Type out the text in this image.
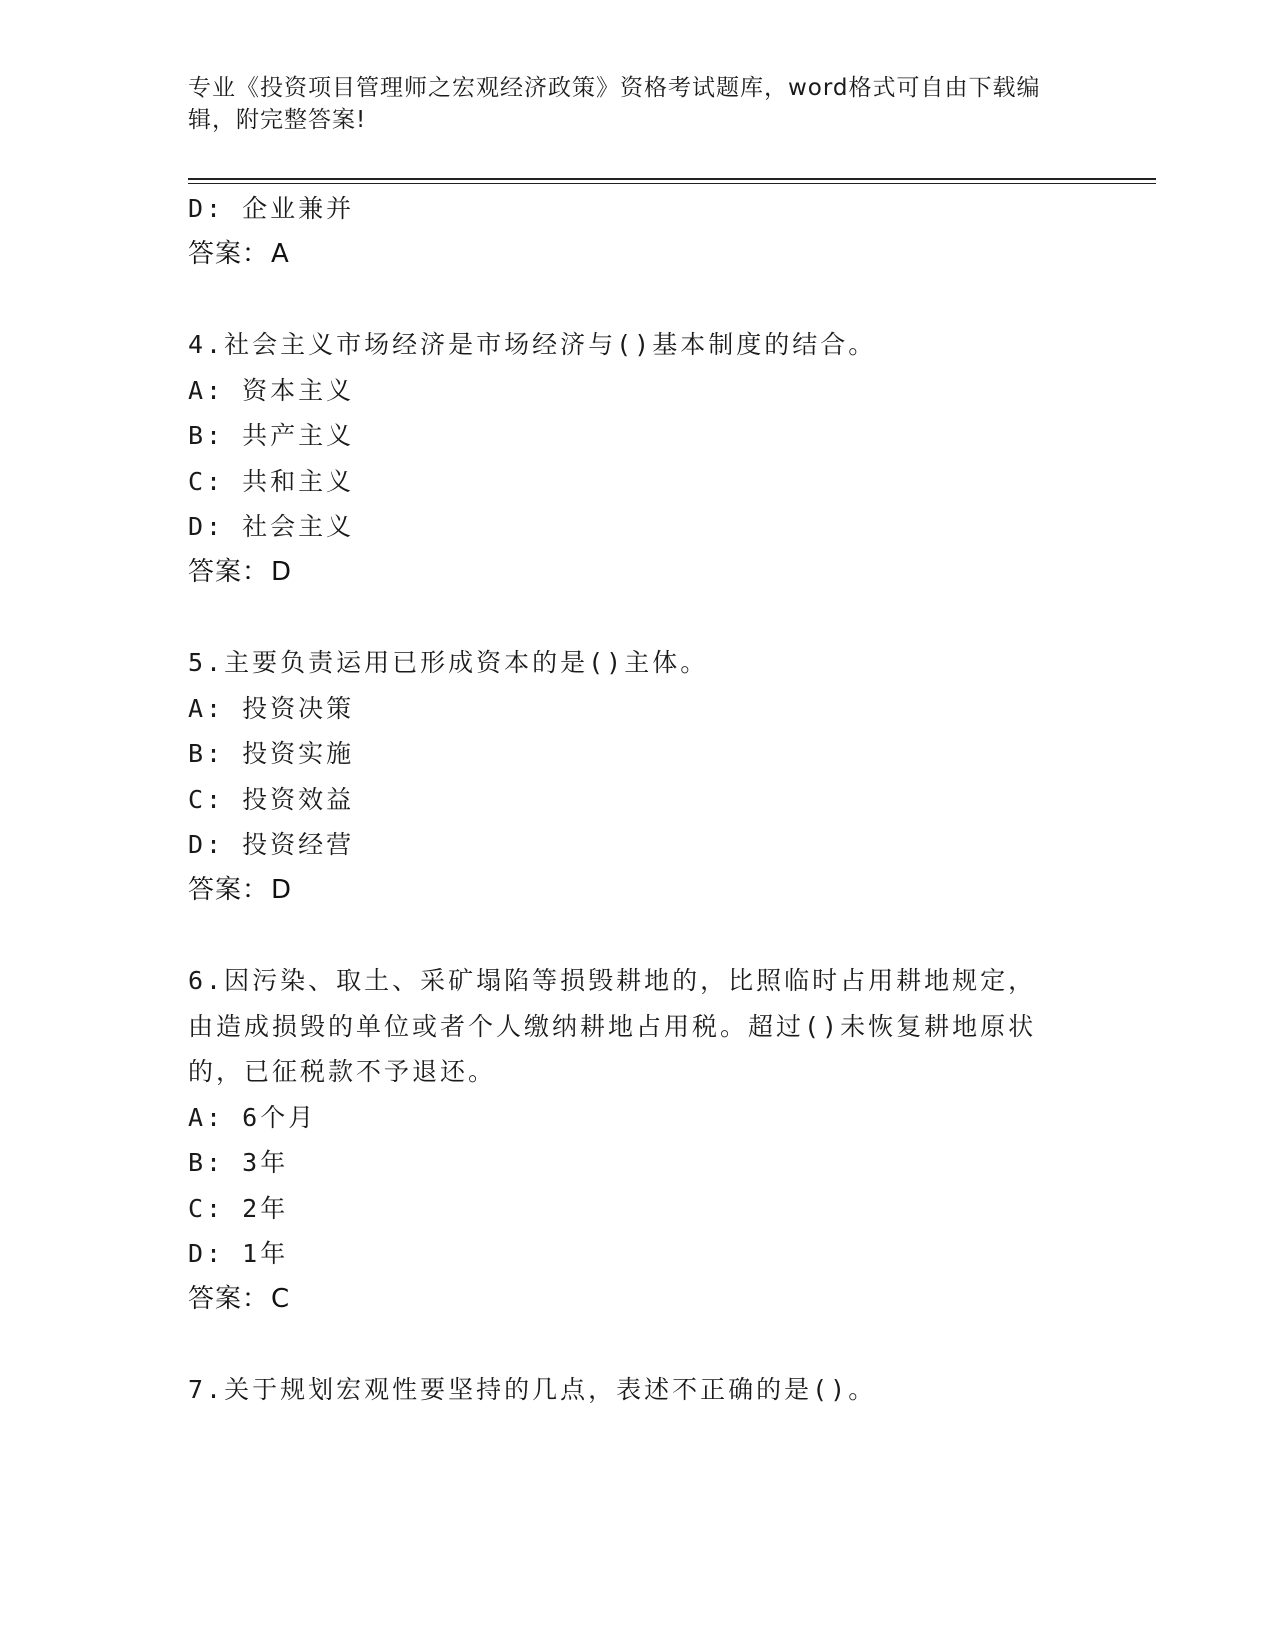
专业《投资项目管理师之宏观经济政策》资格考试题库，word格式可自由下载编辑，附完整答案!
D: 企业兼并
答案：A
4.社会主义市场经济是市场经济与()基本制度的结合。
A: 资本主义
B: 共产主义
C: 共和主义
D: 社会主义
答案：D
5.主要负责运用已形成资本的是()主体。
A: 投资决策
B: 投资实施
C: 投资效益
D: 投资经营
答案：D
6.因污染、取土、采矿塌陷等损毁耕地的，比照临时占用耕地规定，
由造成损毁的单位或者个人缴纳耕地占用税。超过()未恢复耕地原状
的，已征税款不予退还。
A: 6个月
B: 3年
C: 2年
D: 1年
答案：C
7.关于规划宏观性要坚持的几点，表述不正确的是()。
